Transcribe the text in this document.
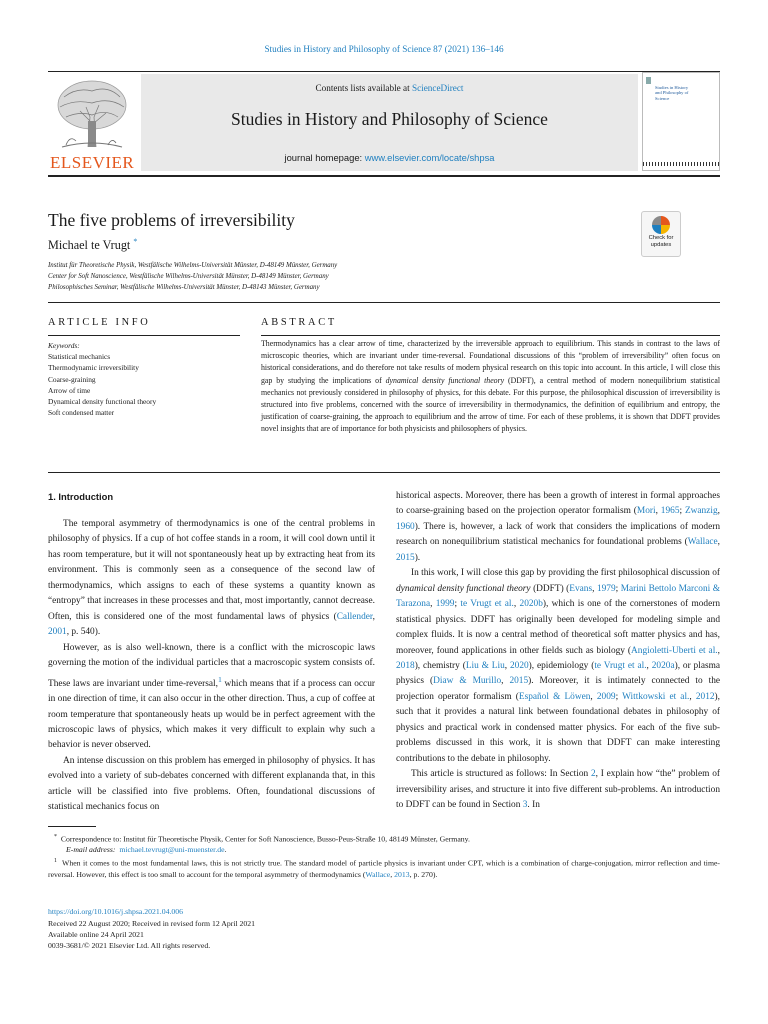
Studies in History and Philosophy of Science 87 (2021) 136–146
ELSEVIER
Contents lists available at ScienceDirect
Studies in History and Philosophy of Science
journal homepage: www.elsevier.com/locate/shpsa
Studies in History and Philosophy of Science
The five problems of irreversibility
Michael te Vrugt *
Institut für Theoretische Physik, Westfälische Wilhelms-Universität Münster, D-48149 Münster, Germany
Center for Soft Nanoscience, Westfälische Wilhelms-Universität Münster, D-48149 Münster, Germany
Philosophisches Seminar, Westfälische Wilhelms-Universität Münster, D-48143 Münster, Germany
Check for
updates
ARTICLE INFO
Keywords:
Statistical mechanics
Thermodynamic irreversibility
Coarse-graining
Arrow of time
Dynamical density functional theory
Soft condensed matter
ABSTRACT
Thermodynamics has a clear arrow of time, characterized by the irreversible approach to equilibrium. This stands in contrast to the laws of microscopic theories, which are invariant under time-reversal. Foundational discussions of this “problem of irreversibility” often focus on historical considerations, and do therefore not take results of modern physical research on this topic into account. In this article, I will close this gap by studying the implications of dynamical density functional theory (DDFT), a central method of modern nonequilibrium statistical mechanics not previously considered in philosophy of physics, for this debate. For this purpose, the philosophical discussion of irreversibility is structured into five problems, concerned with the source of irreversibility in thermodynamics, the definition of equilibrium and entropy, the justification of coarse-graining, the approach to equilibrium and the arrow of time. For each of these problems, it is shown that DDFT provides novel insights that are of importance for both physicists and philosophers of physics.
1. Introduction

The temporal asymmetry of thermodynamics is one of the central problems in philosophy of physics. If a cup of hot coffee stands in a room, it will cool down until it has room temperature, but it will not spontaneously heat up by extracting heat from its environment. This is commonly seen as a consequence of the second law of thermodynamics, which assigns to each of these systems a quantity known as “entropy” that increases in these processes and that, most importantly, cannot decrease. Often, this is considered one of the most fundamental laws of physics (Callender, 2001, p. 540).

However, as is also well-known, there is a conflict with the microscopic laws governing the motion of the individual particles that a macroscopic system consists of. These laws are invariant under time-reversal,$^1$ which means that if a process can occur in one direction of time, it can also occur in the other direction. Thus, a cup of coffee at room temperature that spontaneously heats up would be in perfect agreement with the microscopic laws of physics, which makes it very difficult to explain why such a behavior is never observed.

An intense discussion on this problem has emerged in philosophy of physics. It has evolved into a variety of sub-debates concerned with different explananda that, in this article will be classified into five problems. Often, foundational discussions of statistical mechanics focus on

historical aspects. Moreover, there has been a growth of interest in formal approaches to coarse-graining based on the projection operator formalism (Mori, 1965; Zwanzig, 1960). There is, however, a lack of work that considers the implications of modern research on nonequilibrium statistical mechanics for foundational problems (Wallace, 2015).

In this work, I will close this gap by providing the first philosophical discussion of dynamical density functional theory (DDFT) (Evans, 1979; Marini Bettolo Marconi & Tarazona, 1999; te Vrugt et al., 2020b), which is one of the cornerstones of modern statistical physics. DDFT has originally been developed for modeling simple and complex fluids. It is now a central method of theoretical soft matter physics and has, moreover, found applications in other fields such as biology (Angioletti-Uberti et al., 2018), chemistry (Liu & Liu, 2020), epidemiology (te Vrugt et al., 2020a), or plasma physics (Diaw & Murillo, 2015). Moreover, it is intimately connected to the projection operator formalism (Español & Löwen, 2009; Wittkowski et al., 2012), such that it provides a natural link between foundational debates in philosophy of physics and practical work in condensed matter physics. For each of the five sub-problems discussed in this work, it is shown that DDFT can make interesting contributions to the debate in philosophy.

This article is structured as follows: In Section 2, I explain how “the” problem of irreversibility arises, and structure it into five different sub-problems. An introduction to DDFT can be found in Section 3. In

* Correspondence to: Institut für Theoretische Physik, Center for Soft Nanoscience, Busso-Peus-Straße 10, 48149 Münster, Germany.
E-mail address: michael.tevrugt@uni-muenster.de.
$^1$ When it comes to the most fundamental laws, this is not strictly true. The standard model of particle physics is invariant under CPT, which is a combination of charge-conjugation, mirror reflection and time-reversal. However, this effect is too small to account for the temporal asymmetry of thermodynamics (Wallace, 2013, p. 270).
https://doi.org/10.1016/j.shpsa.2021.04.006
Received 22 August 2020; Received in revised form 12 April 2021
Available online 24 April 2021
0039-3681/© 2021 Elsevier Ltd. All rights reserved.
